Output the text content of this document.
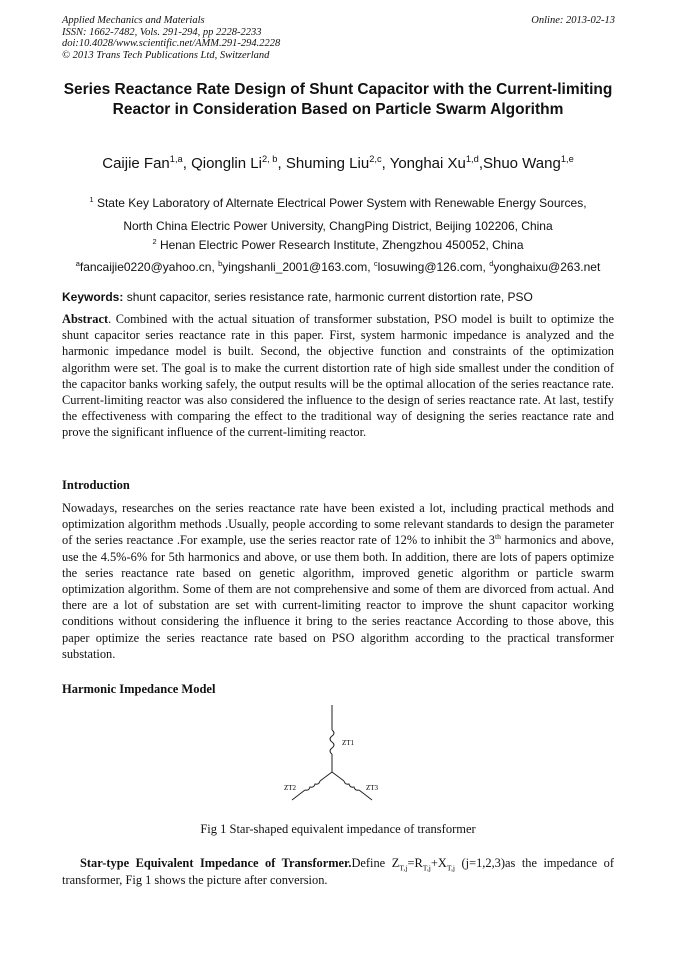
Applied Mechanics and Materials
ISSN: 1662-7482, Vols. 291-294, pp 2228-2233
doi:10.4028/www.scientific.net/AMM.291-294.2228
© 2013 Trans Tech Publications Ltd, Switzerland
Online: 2013-02-13
Series Reactance Rate Design of Shunt Capacitor with the Current-limiting Reactor in Consideration Based on Particle Swarm Algorithm
Caijie Fan$^{1,a}$, Qionglin Li$^{2, b}$, Shuming Liu$^{2,c}$, Yonghai Xu$^{1,d}$,Shuo Wang$^{1,e}$
$^1$ State Key Laboratory of Alternate Electrical Power System with Renewable Energy Sources,
North China Electric Power University, ChangPing District, Beijing 102206, China
$^2$ Henan Electric Power Research Institute, Zhengzhou 450052, China
$^a$fancaijie0220@yahoo.cn, $^b$yingshanli_2001@163.com, $^c$losuwing@126.com, $^d$yonghaixu@263.net
Keywords: shunt capacitor, series resistance rate, harmonic current distortion rate, PSO
Abstract. Combined with the actual situation of transformer substation, PSO model is built to optimize the shunt capacitor series reactance rate in this paper. First, system harmonic impedance is analyzed and the harmonic impedance model is built. Second, the objective function and constraints of the optimization algorithm were set. The goal is to make the current distortion rate of high side smallest under the condition of the capacitor banks working safely, the output results will be the optimal allocation of the series reactance rate. Current-limiting reactor was also considered the influence to the design of series reactance rate. At last, testify the effectiveness with comparing the effect to the traditional way of designing the series reactance rate and prove the significant influence of the current-limiting reactor.
Introduction
Nowadays, researches on the series reactance rate have been existed a lot, including practical methods and optimization algorithm methods .Usually, people according to some relevant standards to design the parameter of the series reactance .For example, use the series reactor rate of 12% to inhibit the 3th harmonics and above, use the 4.5%-6% for 5th harmonics and above, or use them both. In addition, there are lots of papers optimize the series reactance rate based on genetic algorithm, improved genetic algorithm or particle swarm optimization algorithm. Some of them are not comprehensive and some of them are divorced from actual. And there are a lot of substation are set with current-limiting reactor to improve the shunt capacitor working conditions without considering the influence it bring to the series reactance According to those above, this paper optimize the series reactance rate based on PSO algorithm according to the practical transformer substation.
Harmonic Impedance Model
ZT1
ZT2	ZT3
Fig 1 Star-shaped equivalent impedance of transformer
Star-type Equivalent Impedance of Transformer.Define $Z_{T,j}=R_{T,j}+X_{T,j}$ (j=1,2,3)as the impedance of transformer, Fig 1 shows the picture after conversion.
